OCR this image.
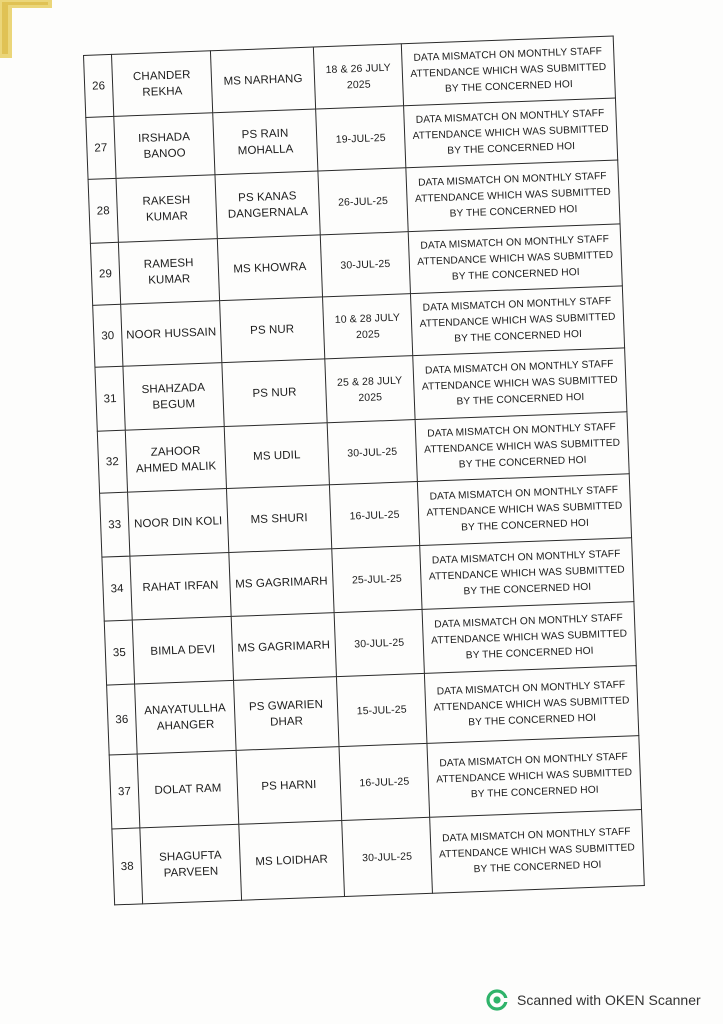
26	CHANDER REKHA	MS NARHANG	18 & 26 JULY 2025	DATA MISMATCH ON MONTHLY STAFF ATTENDANCE WHICH WAS SUBMITTED BY THE CONCERNED HOI
27	IRSHADA BANOO	PS RAIN MOHALLA	19-JUL-25	DATA MISMATCH ON MONTHLY STAFF ATTENDANCE WHICH WAS SUBMITTED BY THE CONCERNED HOI
28	RAKESH KUMAR	PS KANAS DANGERNALA	26-JUL-25	DATA MISMATCH ON MONTHLY STAFF ATTENDANCE WHICH WAS SUBMITTED BY THE CONCERNED HOI
29	RAMESH KUMAR	MS KHOWRA	30-JUL-25	DATA MISMATCH ON MONTHLY STAFF ATTENDANCE WHICH WAS SUBMITTED BY THE CONCERNED HOI
30	NOOR HUSSAIN	PS NUR	10 & 28 JULY 2025	DATA MISMATCH ON MONTHLY STAFF ATTENDANCE WHICH WAS SUBMITTED BY THE CONCERNED HOI
31	SHAHZADA BEGUM	PS NUR	25 & 28 JULY 2025	DATA MISMATCH ON MONTHLY STAFF ATTENDANCE WHICH WAS SUBMITTED BY THE CONCERNED HOI
32	ZAHOOR AHMED MALIK	MS UDIL	30-JUL-25	DATA MISMATCH ON MONTHLY STAFF ATTENDANCE WHICH WAS SUBMITTED BY THE CONCERNED HOI
33	NOOR DIN KOLI	MS SHURI	16-JUL-25	DATA MISMATCH ON MONTHLY STAFF ATTENDANCE WHICH WAS SUBMITTED BY THE CONCERNED HOI
34	RAHAT IRFAN	MS GAGRIMARH	25-JUL-25	DATA MISMATCH ON MONTHLY STAFF ATTENDANCE WHICH WAS SUBMITTED BY THE CONCERNED HOI
35	BIMLA DEVI	MS GAGRIMARH	30-JUL-25	DATA MISMATCH ON MONTHLY STAFF ATTENDANCE WHICH WAS SUBMITTED BY THE CONCERNED HOI
36	ANAYATULLHA AHANGER	PS GWARIEN DHAR	15-JUL-25	DATA MISMATCH ON MONTHLY STAFF ATTENDANCE WHICH WAS SUBMITTED BY THE CONCERNED HOI
37	DOLAT RAM	PS HARNI	16-JUL-25	DATA MISMATCH ON MONTHLY STAFF ATTENDANCE WHICH WAS SUBMITTED BY THE CONCERNED HOI
38	SHAGUFTA PARVEEN	MS LOIDHAR	30-JUL-25	DATA MISMATCH ON MONTHLY STAFF ATTENDANCE WHICH WAS SUBMITTED BY THE CONCERNED HOI
Scanned with OKEN Scanner
